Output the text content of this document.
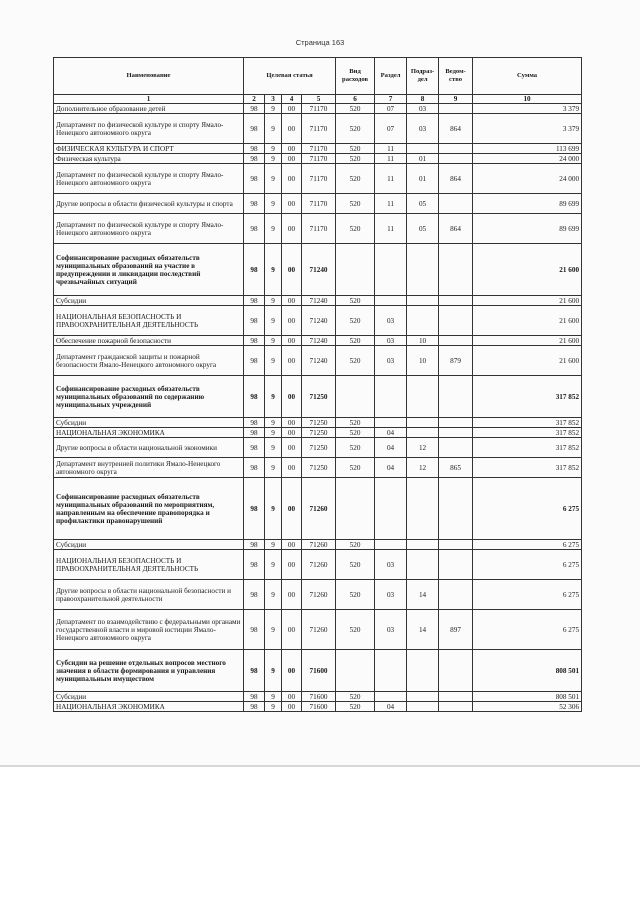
Страница 163
Наименование	Целевая статья				Вид расходов	Раздел	Подраз-дел	Ведом-ство	Сумма
1	2	3	4	5	6	7	8	9	10
Дополнительное образование детей	98	9	00	71170	520	07	03		3 379
Департамент по физической культуре и спорту Ямало-Ненецкого автономного округа	98	9	00	71170	520	07	03	864	3 379
ФИЗИЧЕСКАЯ КУЛЬТУРА И СПОРТ	98	9	00	71170	520	11			113 699
Физическая культура	98	9	00	71170	520	11	01		24 000
Департамент по физической культуре и спорту Ямало-Ненецкого автономного округа	98	9	00	71170	520	11	01	864	24 000
Другие вопросы в области физической культуры и спорта	98	9	00	71170	520	11	05		89 699
Департамент по физической культуре и спорту Ямало-Ненецкого автономного округа	98	9	00	71170	520	11	05	864	89 699
Софинансирование расходных обязательств муниципальных образований на участие в предупреждении и ликвидации последствий чрезвычайных ситуаций	98	9	00	71240					21 600
Субсидии	98	9	00	71240	520				21 600
НАЦИОНАЛЬНАЯ БЕЗОПАСНОСТЬ И ПРАВООХРАНИТЕЛЬНАЯ ДЕЯТЕЛЬНОСТЬ	98	9	00	71240	520	03			21 600
Обеспечение пожарной безопасности	98	9	00	71240	520	03	10		21 600
Департамент гражданской защиты и пожарной безопасности Ямало-Ненецкого автономного округа	98	9	00	71240	520	03	10	879	21 600
Софинансирование расходных обязательств муниципальных образований по содержанию муниципальных учреждений	98	9	00	71250					317 852
Субсидии	98	9	00	71250	520				317 852
НАЦИОНАЛЬНАЯ ЭКОНОМИКА	98	9	00	71250	520	04			317 852
Другие вопросы в области национальной экономики	98	9	00	71250	520	04	12		317 852
Департамент внутренней политики Ямало-Ненецкого автономного округа	98	9	00	71250	520	04	12	865	317 852
Софинансирование расходных обязательств муниципальных образований по мероприятиям, направленным на обеспечение правопорядка и профилактики правонарушений	98	9	00	71260					6 275
Субсидии	98	9	00	71260	520				6 275
НАЦИОНАЛЬНАЯ БЕЗОПАСНОСТЬ И ПРАВООХРАНИТЕЛЬНАЯ ДЕЯТЕЛЬНОСТЬ	98	9	00	71260	520	03			6 275
Другие вопросы в области национальной безопасности и правоохранительной деятельности	98	9	00	71260	520	03	14		6 275
Департамент по взаимодействию с федеральными органами государственной власти и мировой юстиции Ямало-Ненецкого автономного округа	98	9	00	71260	520	03	14	897	6 275
Субсидии на решение отдельных вопросов местного значения в области формирования и управления муниципальным имуществом	98	9	00	71600					808 501
Субсидии	98	9	00	71600	520				808 501
НАЦИОНАЛЬНАЯ ЭКОНОМИКА	98	9	00	71600	520	04			52 306
